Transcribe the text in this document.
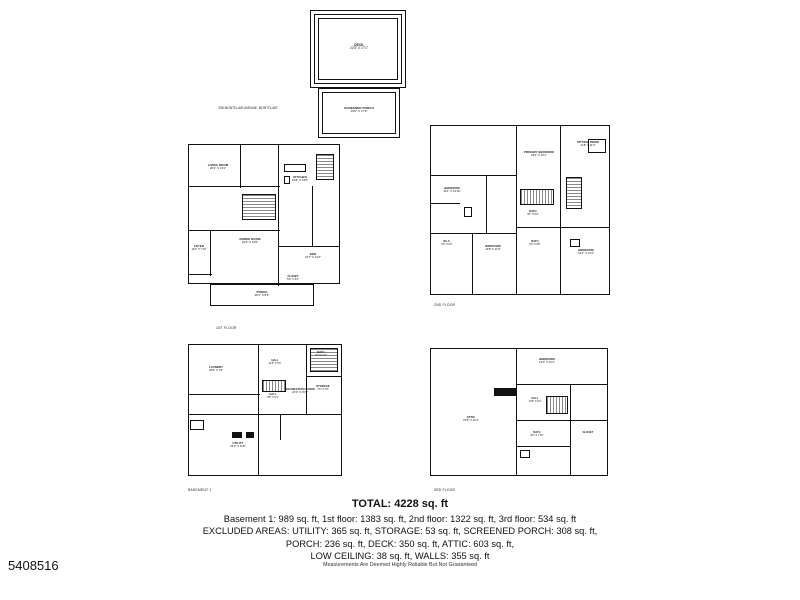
DECK
22'8" X 17'1"
SCREENED PORCH
19'6" X 17'9"
936 MONTCLAIR AVENUE, MONTCLAIR
PORCH
28'1" X 8'5"
LIVING ROOM
22'2" X 13'1"
KITCHEN
19'8" X 13'5"
DINING ROOM
22'4" X 13'6"
DEN
13'7" X 14'4"
FOYER
11'0" X 7'10"
CLOSET
5'0" X 4'2"
1ST FLOOR
PRIMARY BEDROOM
18'4" X 15'1"
SITTING ROOM
11'8" X 11'4"
BEDROOM
12'1" X 14'10"
BEDROOM
13'8" X 11'6"	BEDROOM
12'2" X 14'4"
BATH
8'4" X 6'8"
BATH
9'1" X 6'0"
W.I.C.
6'4" X 6'0"
2ND FLOOR
LAUNDRY
18'8" X 7'9"
RECREATION ROOM
22'0" X 15'1"
UTILITY
22'4" X 11'8"
STORAGE
7'0" X 7'6"
HALL
8'5" X 6'1"
BATH
8'4" X 4'2"
HALL
11'8" X 5'3"
BASEMENT 1
BEDROOM
13'0" X 12'1"
ATTIC
21'8" X 20'1"
HALL
13'8" X 6'4"
BATH
8'0" X 7'10"
CLOSET
3RD FLOOR
TOTAL: 4228 sq. ft
Basement 1: 989 sq. ft, 1st floor: 1383 sq. ft, 2nd floor: 1322 sq. ft, 3rd floor: 534 sq. ft
EXCLUDED AREAS: UTILITY: 365 sq. ft, STORAGE: 53 sq. ft, SCREENED PORCH: 308 sq. ft,
PORCH: 236 sq. ft, DECK: 350 sq. ft, ATTIC: 603 sq. ft,
LOW CEILING: 38 sq. ft, WALLS: 355 sq. ft
Measurements Are Deemed Highly Reliable But Not Guaranteed
5408516
